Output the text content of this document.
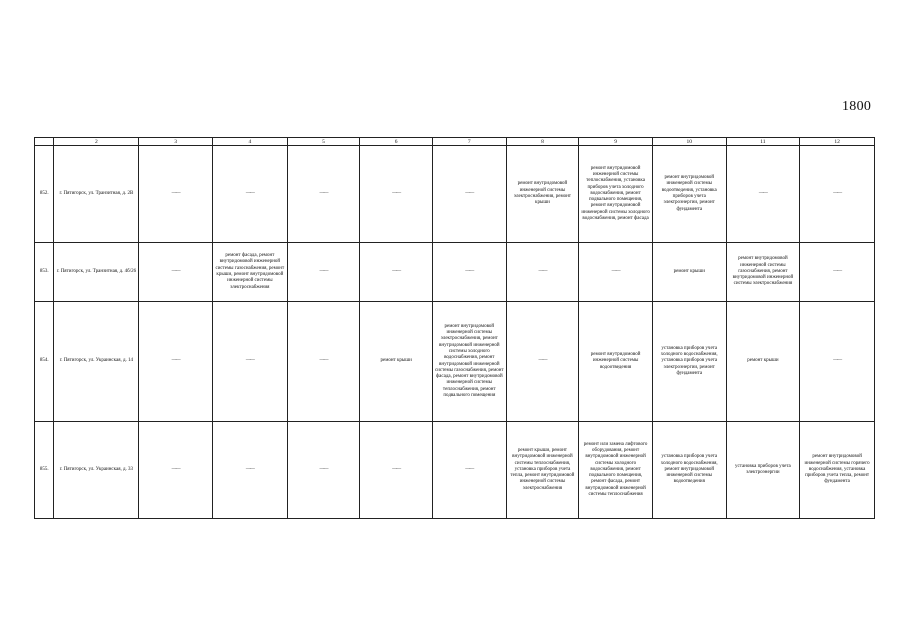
1800
	2	3	4	5	6	7	8	9	10	11	12
852.	г. Пятигорск, ул. Транзитная, д. 2В	——	——	——	——	——	ремонт внутридомовой инженерной системы электроснабжения, ремонт крыши	ремонт внутридомовой инженерной системы теплоснабжения, установка приборов учета холодного водоснабжения, ремонт подвального помещения, ремонт внутридомовой инженерной системы холодного водоснабжения, ремонт фасада	ремонт внутридомовой инженерной системы водоотведения, установка приборов учета электроэнергии, ремонт фундамента	——	——
853.	г. Пятигорск, ул. Транзитная, д. 4б/26	——	ремонт фасада, ремонт внутридомовой инженерной системы газоснабжения, ремонт крыши, ремонт внутридомовой инженерной системы электроснабжения	——	——	——	——	——	ремонт крыши	ремонт внутридомовой инженерной системы газоснабжения, ремонт внутридомовой инженерной системы электроснабжения	——
854.	г. Пятигорск, ул. Украинская, д. 14	——	——	——	ремонт крыши	ремонт внутридомовой инженерной системы электроснабжения, ремонт внутридомовой инженерной системы холодного водоснабжения, ремонт внутридомовой инженерной системы газоснабжения, ремонт фасада, ремонт внутридомовой инженерной системы теплоснабжения, ремонт подвального помещения	——	ремонт внутридомовой инженерной системы водоотведения	установка приборов учета холодного водоснабжения, установка приборов учета электроэнергии, ремонт фундамента	ремонт крыши	——
855.	г. Пятигорск, ул. Украинская, д. 33	——	——	——	——	——	ремонт крыши, ремонт внутридомовой инженерной системы теплоснабжения, установка приборов учета тепла, ремонт внутридомовой инженерной системы электроснабжения	ремонт или замена лифтового оборудования, ремонт внутридомовой инженерной системы холодного водоснабжения, ремонт подвального помещения, ремонт фасада, ремонт внутридомовой инженерной системы теплоснабжения	установка приборов учета холодного водоснабжения, ремонт внутридомовой инженерной системы водоотведения	установка приборов учета электроэнергии	ремонт внутридомовой инженерной системы горячего водоснабжения, установка приборов учета тепла, ремонт фундамента
